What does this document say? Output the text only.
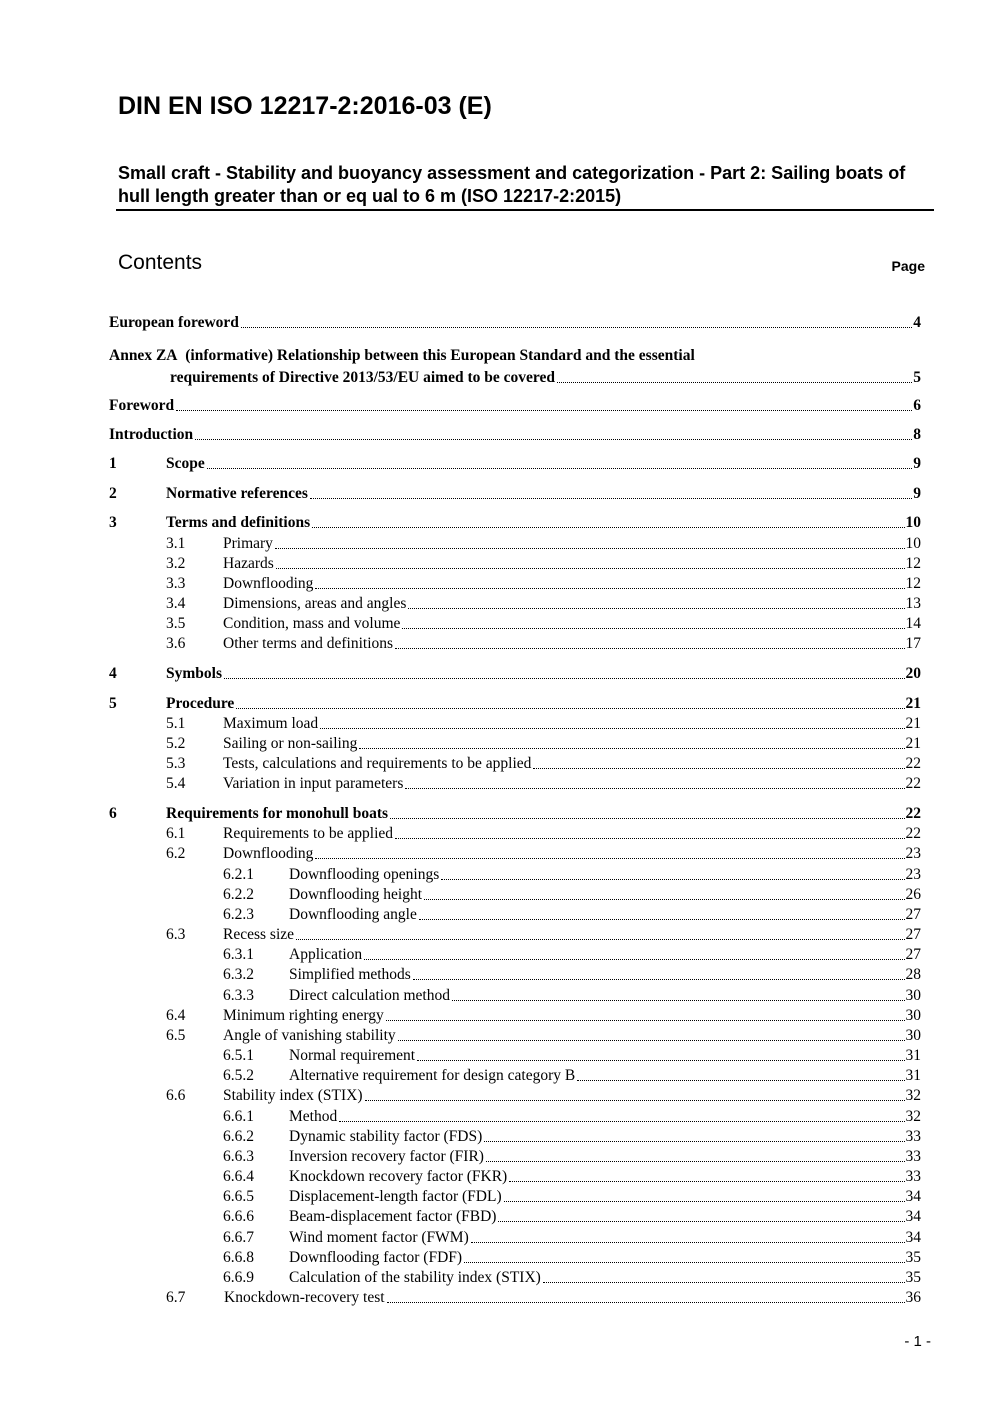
DIN EN ISO 12217-2:2016-03 (E)
Small craft - Stability and buoyancy assessment and categorization - Part 2: Sailing boats of hull length greater than or eq ual to 6 m (ISO 12217-2:2015)
Contents	Page
European foreword	4
Annex ZA (informative) Relationship between this European Standard and the essential
requirements of Directive 2013/53/EU aimed to be covered	5
Foreword	6
Introduction	8
1	Scope	9
2	Normative references	9
3	Terms and definitions	10
3.1 Primary	10
3.2 Hazards	12
3.3 Downflooding	12
3.4 Dimensions, areas and angles	13
3.5 Condition, mass and volume	14
3.6 Other terms and definitions	17
4	Symbols	20
5	Procedure	21
5.1 Maximum load	21
5.2 Sailing or non-sailing	21
5.3 Tests, calculations and requirements to be applied	22
5.4 Variation in input parameters	22
6	Requirements for monohull boats	22
6.1 Requirements to be applied	22
6.2 Downflooding	23
6.2.1 Downflooding openings	23
6.2.2 Downflooding height	26
6.2.3 Downflooding angle	27
6.3 Recess size	27
6.3.1 Application	27
6.3.2 Simplified methods	28
6.3.3 Direct calculation method	30
6.4 Minimum righting energy	30
6.5 Angle of vanishing stability	30
6.5.1 Normal requirement	31
6.5.2 Alternative requirement for design category B	31
6.6 Stability index (STIX)	32
6.6.1 Method	32
6.6.2 Dynamic stability factor (FDS)	33
6.6.3 Inversion recovery factor (FIR)	33
6.6.4 Knockdown recovery factor (FKR)	33
6.6.5 Displacement-length factor (FDL)	34
6.6.6 Beam-displacement factor (FBD)	34
6.6.7 Wind moment factor (FWM)	34
6.6.8 Downflooding factor (FDF)	35
6.6.9 Calculation of the stability index (STIX)	35
6.7 Knockdown-recovery test	36
- 1 -
